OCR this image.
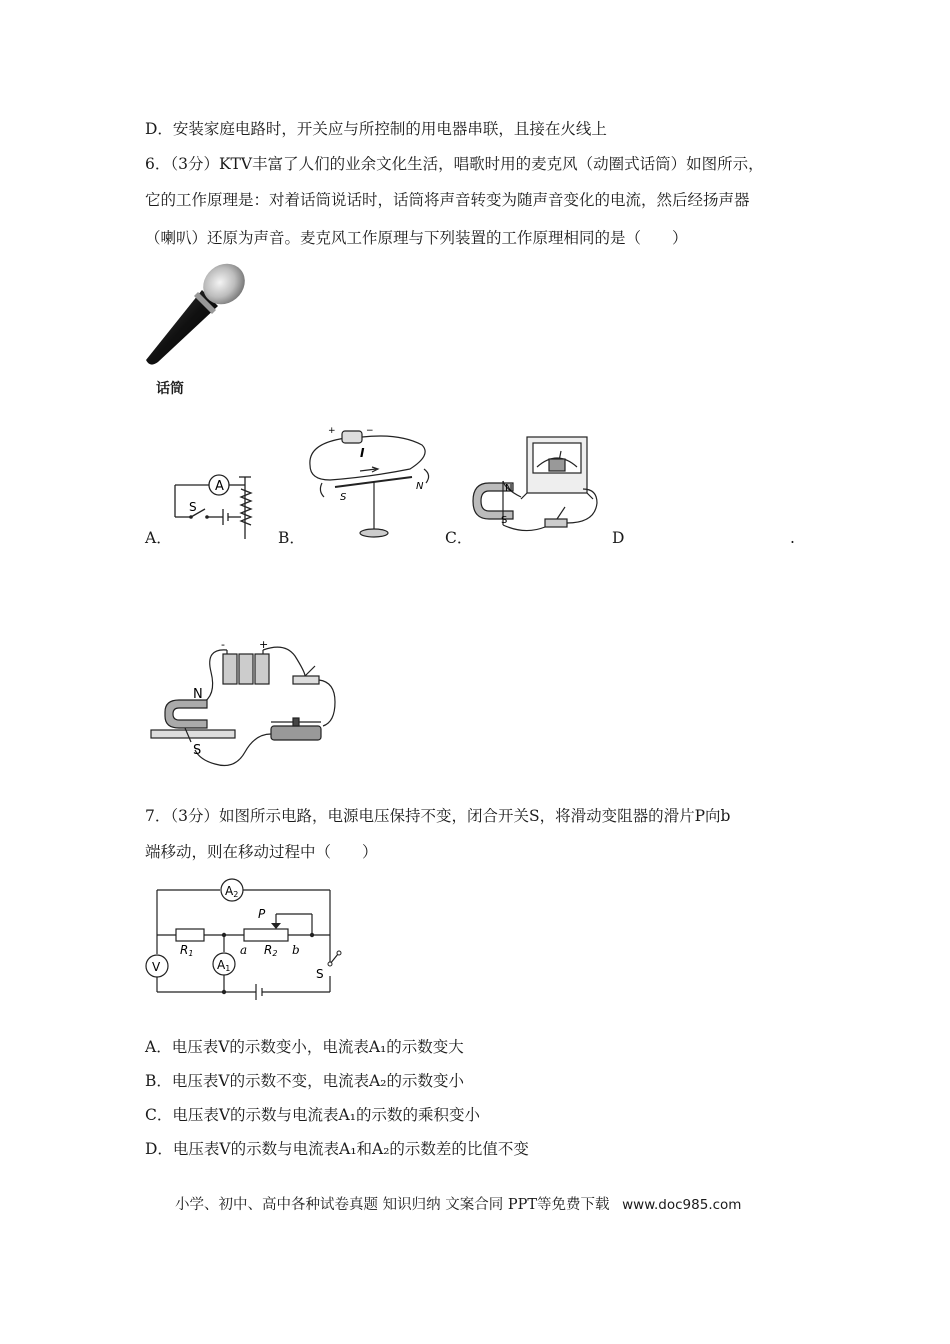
D．安装家庭电路时，开关应与所控制的用电器串联，且接在火线上
6．（3分）KTV丰富了人们的业余文化生活，唱歌时用的麦克风（动圈式话筒）如图所示，
它的工作原理是：对着话筒说话时，话筒将声音转变为随声音变化的电流，然后经扬声器
（喇叭）还原为声音。麦克风工作原理与下列装置的工作原理相同的是（　　）
话筒
A
S
+	−
I
S
N	N
S
A．	B．	C．	D	.
-	+
N
S
7．（3分）如图所示电路，电源电压保持不变，闭合开关S，将滑动变阻器的滑片P向b
端移动，则在移动过程中（　　）
A2
P
R1
A1
a R2 b
V	S
A．电压表V的示数变小，电流表A₁的示数变大
B．电压表V的示数不变，电流表A₂的示数变小
C．电压表V的示数与电流表A₁的示数的乘积变小
D．电压表V的示数与电流表A₁和A₂的示数差的比值不变
小学、初中、高中各种试卷真题 知识归纳 文案合同 PPT等免费下载 www.doc985.com
